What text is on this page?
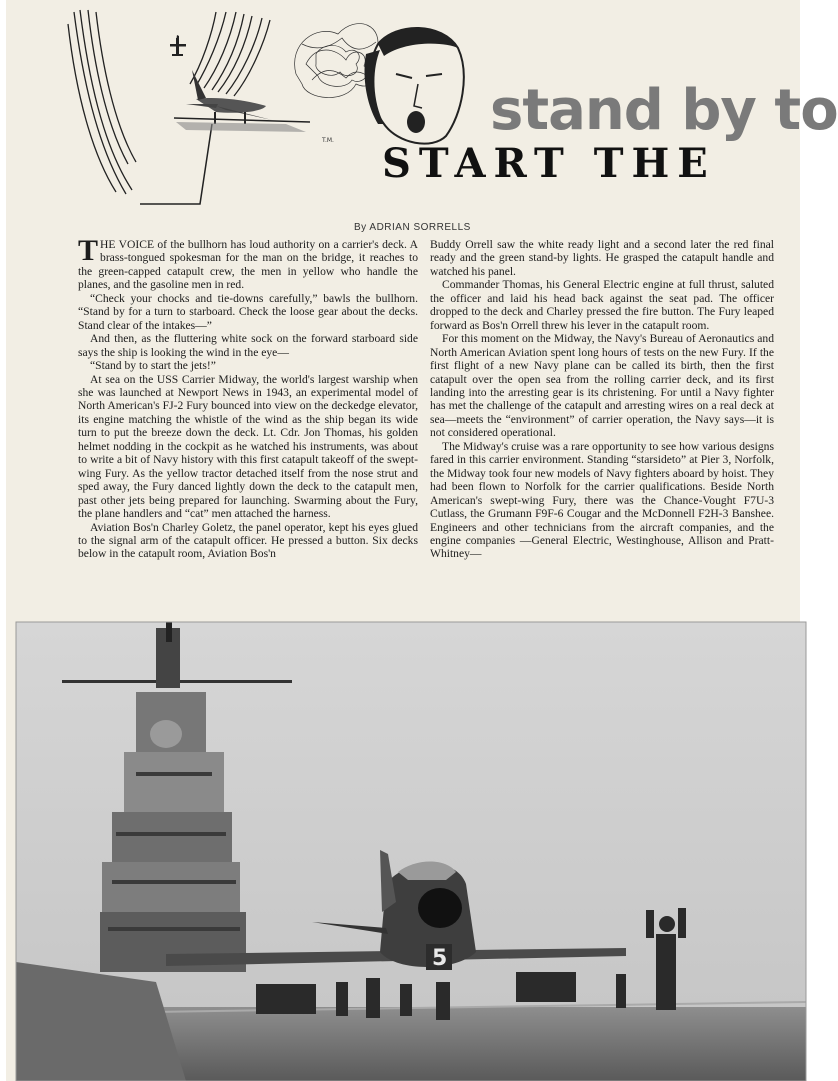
T.M.	stand by to
START THE
By ADRIAN SORRELLS

THE VOICE of the bullhorn has loud authority on a carrier's deck. A brass-tongued spokesman for the man on the bridge, it reaches to the green-capped catapult crew, the men in yellow who handle the planes, and the gasoline men in red.

“Check your chocks and tie-downs carefully,” bawls the bullhorn. “Stand by for a turn to starboard. Check the loose gear about the decks. Stand clear of the intakes—”

And then, as the fluttering white sock on the forward starboard side says the ship is looking the wind in the eye—

“Stand by to start the jets!”

At sea on the USS Carrier Midway, the world's largest warship when she was launched at Newport News in 1943, an experimental model of North American's FJ-2 Fury bounced into view on the deckedge elevator, its engine matching the whistle of the wind as the ship began its wide turn to put the breeze down the deck. Lt. Cdr. Jon Thomas, his golden helmet nodding in the cockpit as he watched his instruments, was about to write a bit of Navy history with this first catapult takeoff of the swept-wing Fury. As the yellow tractor detached itself from the nose strut and sped away, the Fury danced lightly down the deck to the catapult men, past other jets being prepared for launching. Swarming about the Fury, the plane handlers and “cat” men attached the harness.

Aviation Bos'n Charley Goletz, the panel operator, kept his eyes glued to the signal arm of the catapult officer. He pressed a button. Six decks below in the catapult room, Aviation Bos'n

Buddy Orrell saw the white ready light and a second later the red final ready and the green stand-by lights. He grasped the catapult handle and watched his panel.

Commander Thomas, his General Electric engine at full thrust, saluted the officer and laid his head back against the seat pad. The officer dropped to the deck and Charley pressed the fire button. The Fury leaped forward as Bos'n Orrell threw his lever in the catapult room.

For this moment on the Midway, the Navy's Bureau of Aeronautics and North American Aviation spent long hours of tests on the new Fury. If the first flight of a new Navy plane can be called its birth, then the first catapult over the open sea from the rolling carrier deck, and its first landing into the arresting gear is its christening. For until a Navy fighter has met the challenge of the catapult and arresting wires on a real deck at sea—meets the “environment” of carrier operation, the Navy says—it is not considered operational.

The Midway's cruise was a rare opportunity to see how various designs fared in this carrier environment. Standing “starsideto” at Pier 3, Norfolk, the Midway took four new models of Navy fighters aboard by hoist. They had been flown to Norfolk for the carrier qualifications. Beside North American's swept-wing Fury, there was the Chance-Vought F7U-3 Cutlass, the Grumann F9F-6 Cougar and the McDonnell F2H-3 Banshee. Engineers and other technicians from the aircraft companies, and the engine companies —General Electric, Westinghouse, Allison and Pratt-Whitney—

5
